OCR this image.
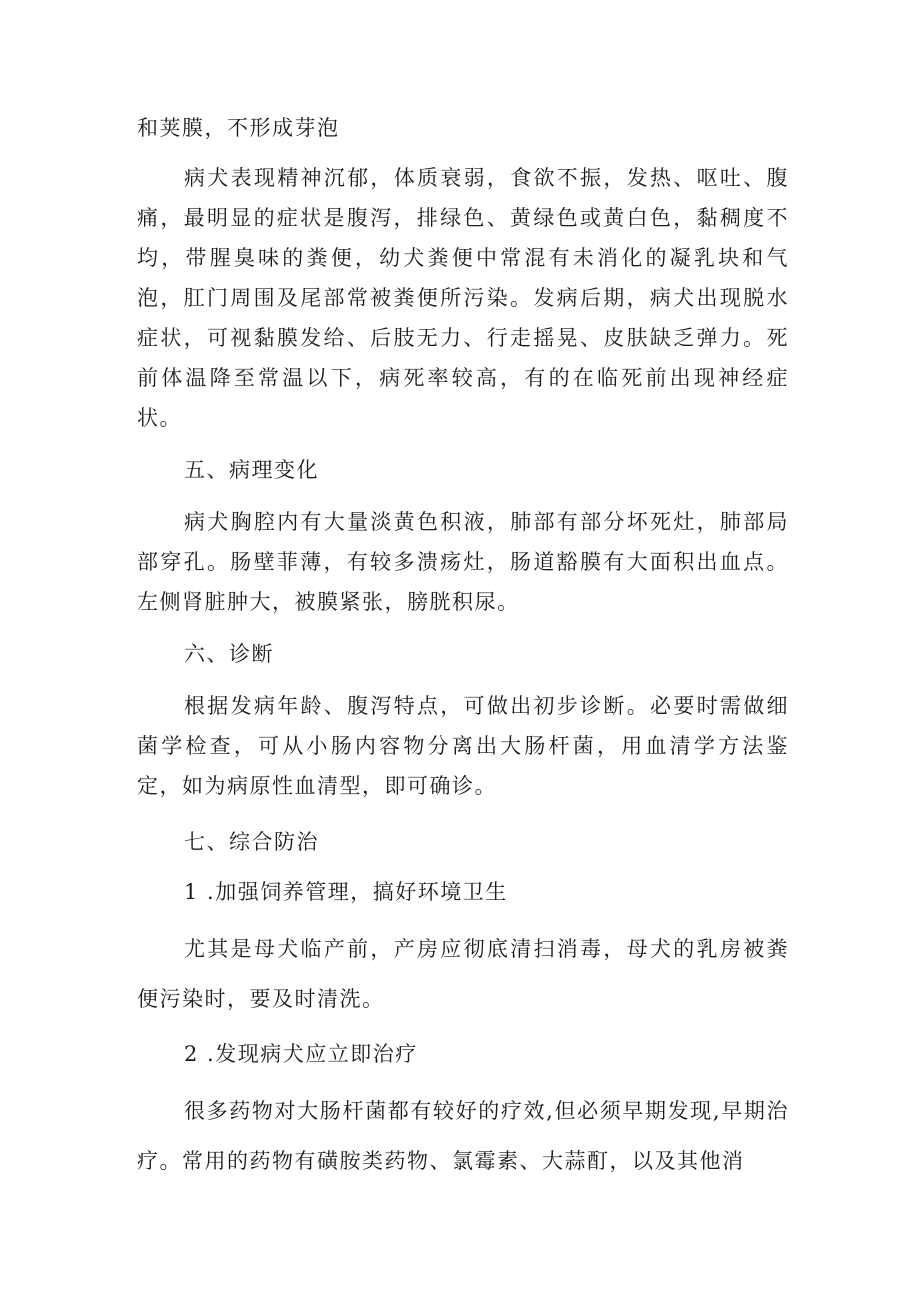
和荚膜，不形成芽泡

病犬表现精神沉郁，体质衰弱，食欲不振，发热、呕吐、腹痛，最明显的症状是腹泻，排绿色、黄绿色或黄白色，黏稠度不均，带腥臭味的粪便，幼犬粪便中常混有未消化的凝乳块和气泡，肛门周围及尾部常被粪便所污染。发病后期，病犬出现脱水症状，可视黏膜发给、后肢无力、行走摇晃、皮肤缺乏弹力。死前体温降至常温以下，病死率较高，有的在临死前出现神经症状。

五、病理变化

病犬胸腔内有大量淡黄色积液，肺部有部分坏死灶，肺部局部穿孔。肠壁菲薄，有较多溃疡灶，肠道豁膜有大面积出血点。左侧肾脏肿大，被膜紧张，膀胱积尿。

六、诊断

根据发病年龄、腹泻特点，可做出初步诊断。必要时需做细菌学检查，可从小肠内容物分离出大肠杆菌，用血清学方法鉴定，如为病原性血清型，即可确诊。

七、综合防治

1 .加强饲养管理，搞好环境卫生

尤其是母犬临产前，产房应彻底清扫消毒，母犬的乳房被粪便污染时，要及时清洗。

2 .发现病犬应立即治疗

很多药物对大肠杆菌都有较好的疗效,但必须早期发现,早期治疗。常用的药物有磺胺类药物、氯霉素、大蒜酊，以及其他消
